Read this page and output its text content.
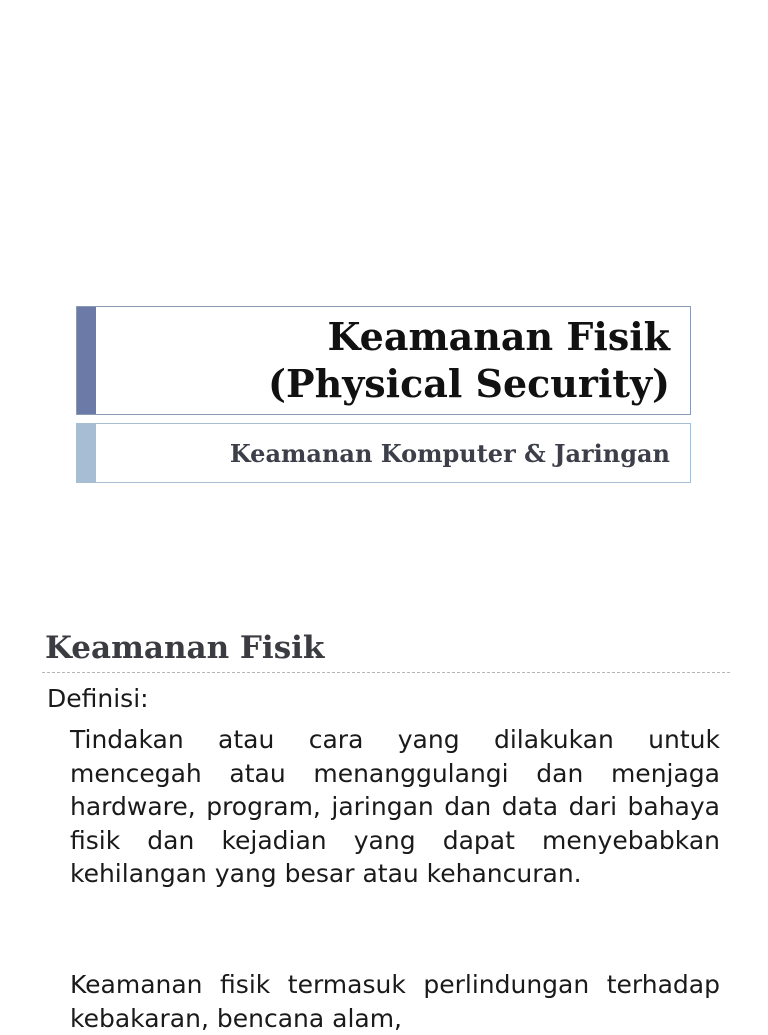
Keamanan Fisik
(Physical Security)
Keamanan Komputer & Jaringan
Keamanan Fisik
Definisi:
Tindakan atau cara yang dilakukan untuk mencegah atau menanggulangi dan menjaga hardware, program, jaringan dan data dari bahaya fisik dan kejadian yang dapat menyebabkan kehilangan yang besar atau kehancuran.
Keamanan fisik termasuk perlindungan terhadap kebakaran, bencana alam,
